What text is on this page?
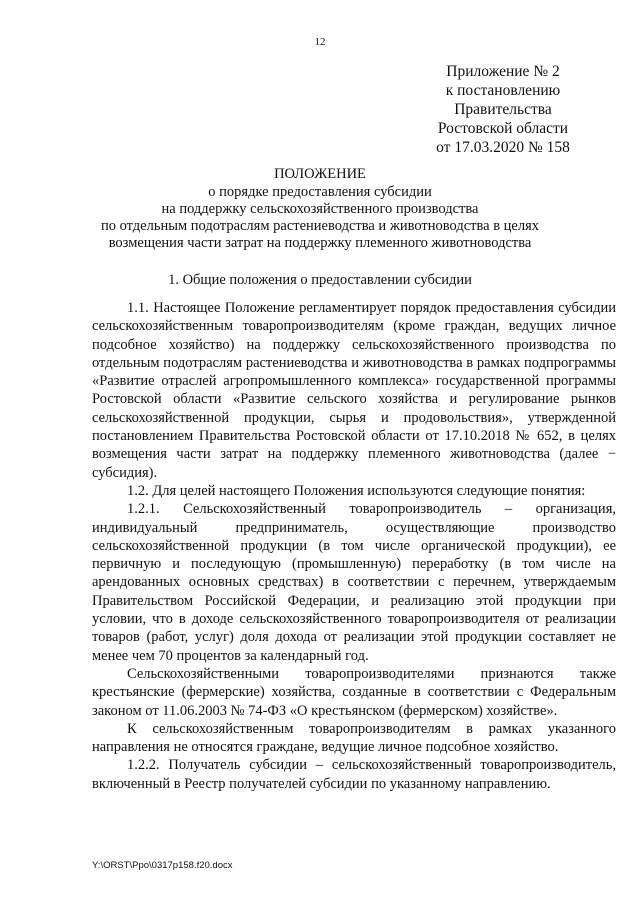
12
Приложение № 2
к постановлению
Правительства
Ростовской области
от 17.03.2020 № 158
ПОЛОЖЕНИЕ
о порядке предоставления субсидии
на поддержку сельскохозяйственного производства
по отдельным подотраслям растениеводства и животноводства в целях
возмещения части затрат на поддержку племенного животноводства
1. Общие положения о предоставлении субсидии

1.1. Настоящее Положение регламентирует порядок предоставления субсидии сельскохозяйственным товаропроизводителям (кроме граждан, ведущих личное подсобное хозяйство) на поддержку сельскохозяйственного производства по отдельным подотраслям растениеводства и животноводства в рамках подпрограммы «Развитие отраслей агропромышленного комплекса» государственной программы Ростовской области «Развитие сельского хозяйства и регулирование рынков сельскохозяйственной продукции, сырья и продовольствия», утвержденной постановлением Правительства Ростовской области от 17.10.2018 № 652, в целях возмещения части затрат на поддержку племенного животноводства (далее − субсидия).

1.2. Для целей настоящего Положения используются следующие понятия:

1.2.1. Сельскохозяйственный товаропроизводитель – организация, индивидуальный предприниматель, осуществляющие производство сельскохозяйственной продукции (в том числе органической продукции), ее первичную и последующую (промышленную) переработку (в том числе на арендованных основных средствах) в соответствии с перечнем, утверждаемым Правительством Российской Федерации, и реализацию этой продукции при условии, что в доходе сельскохозяйственного товаропроизводителя от реализации товаров (работ, услуг) доля дохода от реализации этой продукции составляет не менее чем 70 процентов за календарный год.

Сельскохозяйственными товаропроизводителями признаются также крестьянские (фермерские) хозяйства, созданные в соответствии с Федеральным законом от 11.06.2003 № 74-ФЗ «О крестьянском (фермерском) хозяйстве».

К сельскохозяйственным товаропроизводителям в рамках указанного направления не относятся граждане, ведущие личное подсобное хозяйство.

1.2.2. Получатель субсидии – сельскохозяйственный товаропроизводитель, включенный в Реестр получателей субсидии по указанному направлению.

Y:\ORST\Ppo\0317p158.f20.docx
